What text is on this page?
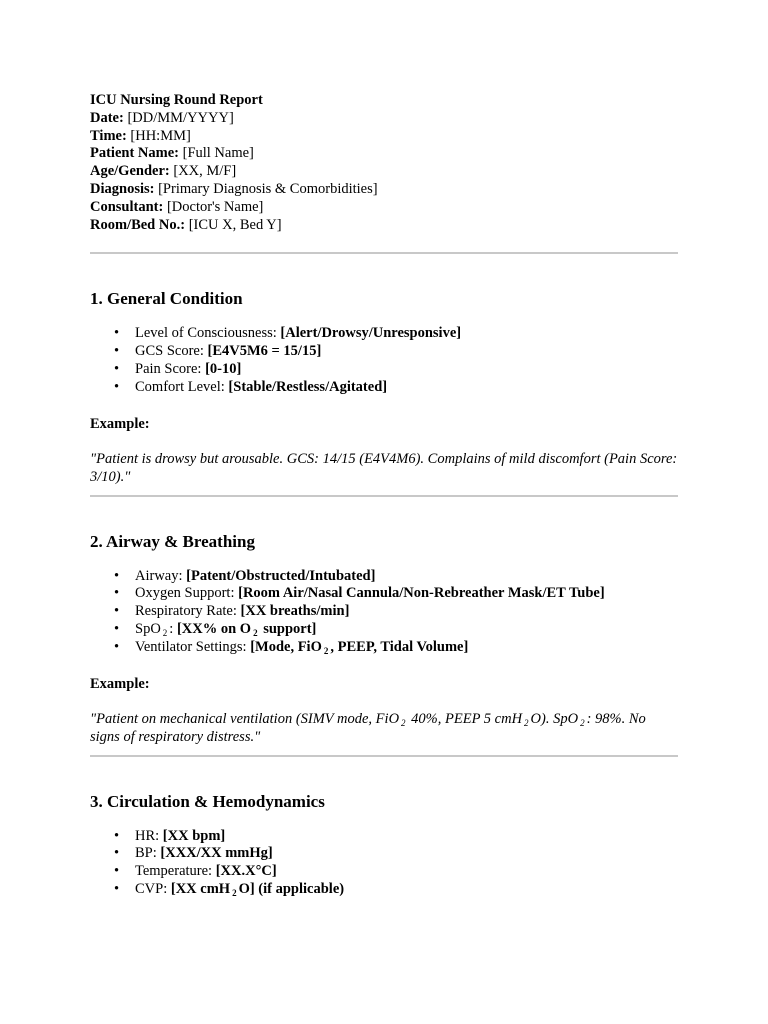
ICU Nursing Round Report
Date: [DD/MM/YYYY]
Time: [HH:MM]
Patient Name: [Full Name]
Age/Gender: [XX, M/F]
Diagnosis: [Primary Diagnosis & Comorbidities]
Consultant: [Doctor's Name]
Room/Bed No.: [ICU X, Bed Y]
1. General Condition
• Level of Consciousness: [Alert/Drowsy/Unresponsive]
• GCS Score: [E4V5M6 = 15/15]
• Pain Score: [0-10]
• Comfort Level: [Stable/Restless/Agitated]
Example:
"Patient is drowsy but arousable. GCS: 14/15 (E4V4M6). Complains of mild discomfort (Pain Score: 3/10)."
2. Airway & Breathing
• Airway: [Patent/Obstructed/Intubated]
• Oxygen Support: [Room Air/Nasal Cannula/Non-Rebreather Mask/ET Tube]
• Respiratory Rate: [XX breaths/min]
• SpO $_2$ : [XX% on O $_2$ support]
• Ventilator Settings: [Mode, FiO $_2$ , PEEP, Tidal Volume]
Example:
"Patient on mechanical ventilation (SIMV mode, FiO $_2$ 40%, PEEP 5 cmH $_2$ O). SpO $_2$ : 98%. No signs of respiratory distress."
3. Circulation & Hemodynamics
• HR: [XX bpm]
• BP: [XXX/XX mmHg]
• Temperature: [XX.X°C]
• CVP: [XX cmH $_2$ O] (if applicable)
